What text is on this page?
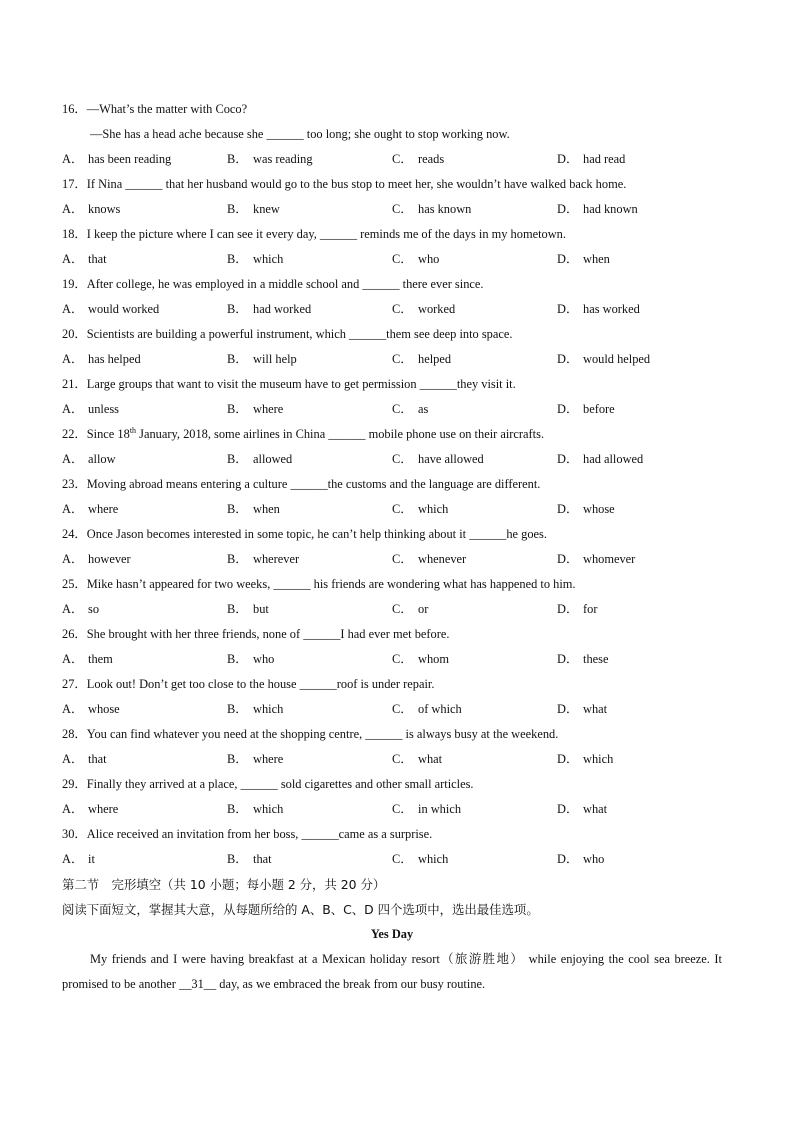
16．—What’s the matter with Coco?
—She has a head ache because she ______ too long; she ought to stop working now.
A． has been reading	B． was reading	C． reads	D． had read
17．If Nina ______ that her husband would go to the bus stop to meet her, she wouldn’t have walked back home.
A． knows	B． knew	C． has known	D． had known
18．I keep the picture where I can see it every day, ______ reminds me of the days in my hometown.
A． that	B． which	C． who	D． when
19．After college, he was employed in a middle school and ______ there ever since.
A． would worked	B． had worked	C． worked	D． has worked
20．Scientists are building a powerful instrument, which ______them see deep into space.
A． has helped	B． will help	C． helped	D． would helped
21．Large groups that want to visit the museum have to get permission ______they visit it.
A． unless	B． where	C． as	D． before
22．Since 18th January, 2018, some airlines in China ______ mobile phone use on their aircrafts.
A． allow	B． allowed	C． have allowed	D． had allowed
23．Moving abroad means entering a culture ______the customs and the language are different.
A． where	B． when	C． which	D． whose
24．Once Jason becomes interested in some topic, he can’t help thinking about it ______he goes.
A． however	B． wherever	C． whenever	D． whomever
25．Mike hasn’t appeared for two weeks, ______ his friends are wondering what has happened to him.
A． so	B． but	C． or	D． for
26．She brought with her three friends, none of ______I had ever met before.
A． them	B． who	C． whom	D． these
27．Look out! Don’t get too close to the house ______roof is under repair.
A． whose	B． which	C． of which	D． what
28．You can find whatever you need at the shopping centre, ______ is always busy at the weekend.
A． that	B． where	C． what	D． which
29．Finally they arrived at a place, ______ sold cigarettes and other small articles.
A． where	B． which	C． in which	D． what
30．Alice received an invitation from her boss, ______came as a surprise.
A． it	B． that	C． which	D． who
第二节　完形填空（共 10 小题；每小题 2 分，共 20 分）
阅读下面短文，掌握其大意，从每题所给的 A、B、C、D 四个选项中，选出最佳选项。
Yes Day
My friends and I were having breakfast at a Mexican holiday resort（旅游胜地） while enjoying the cool sea breeze. It promised to be another __31__ day, as we embraced the break from our busy routine.
